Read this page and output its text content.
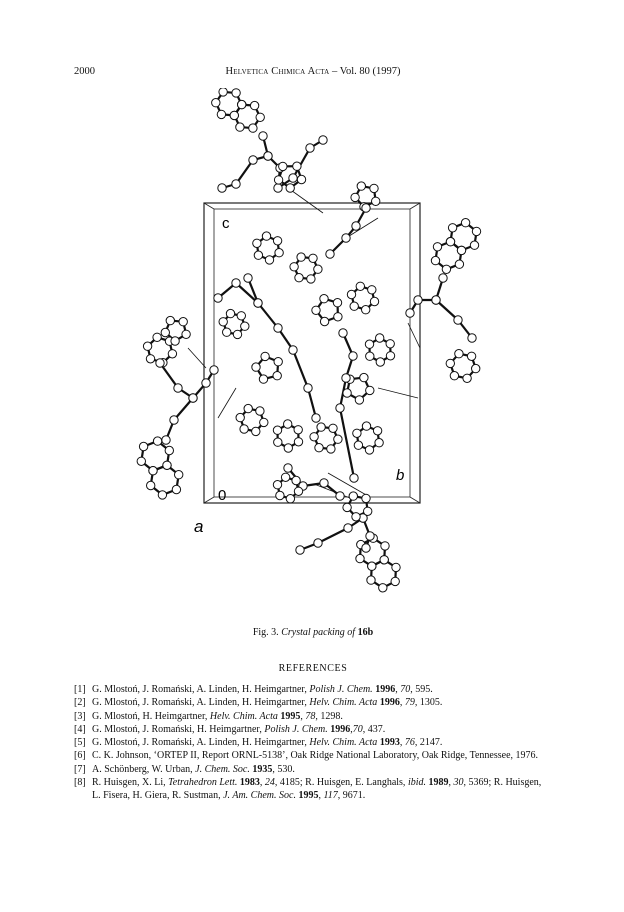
2000	Helvetica Chimica Acta – Vol. 80 (1997)
c
0
b
a
Fig. 3. Crystal packing of 16b
REFERENCES
[1] G. Mlostoń, J. Romański, A. Linden, H. Heimgartner, Polish J. Chem. 1996, 70, 595.
[2] G. Mlostoń, J. Romański, A. Linden, H. Heimgartner, Helv. Chim. Acta 1996, 79, 1305.
[3] G. Mlostoń, H. Heimgartner, Helv. Chim. Acta 1995, 78, 1298.
[4] G. Mlostoń, J. Romański, H. Heimgartner, Polish J. Chem. 1996,70, 437.
[5] G. Mlostoń, J. Romański, A. Linden, H. Heimgartner, Helv. Chim. Acta 1993, 76, 2147.
[6] C. K. Johnson, ‘ORTEP II, Report ORNL-5138’, Oak Ridge National Laboratory, Oak Ridge, Tennessee, 1976.
[7] A. Schönberg, W. Urban, J. Chem. Soc. 1935, 530.
[8] R. Huisgen, X. Li, Tetrahedron Lett. 1983, 24, 4185; R. Huisgen, E. Langhals, ibid. 1989, 30, 5369; R. Huisgen, L. Fisera, H. Giera, R. Sustman, J. Am. Chem. Soc. 1995, 117, 9671.
